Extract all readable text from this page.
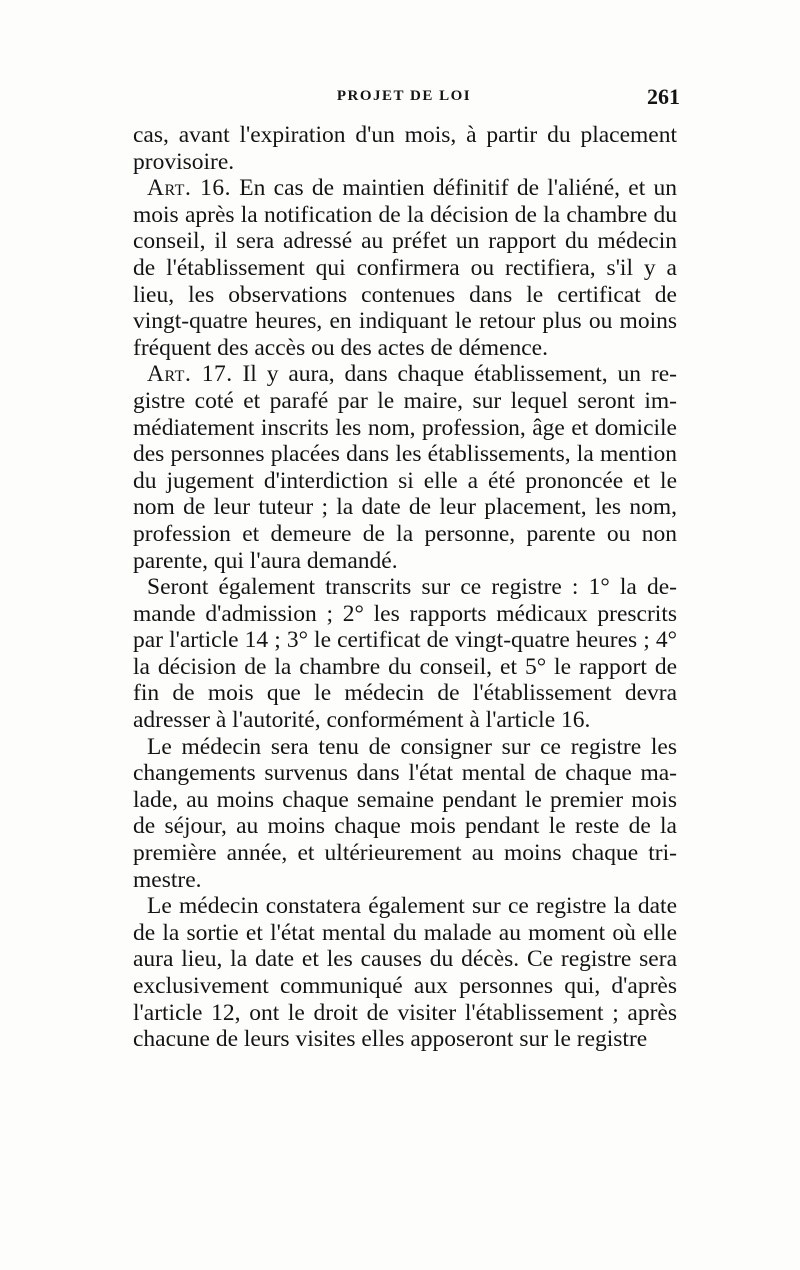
PROJET DE LOI	261

cas, avant l'expiration d'un mois, à partir du placement provisoire.

Art. 16. En cas de maintien définitif de l'aliéné, et un mois après la notification de la décision de la chambre du conseil, il sera adressé au préfet un rapport du médecin de l'établissement qui confirmera ou rectifiera, s'il y a lieu, les observations contenues dans le certificat de vingt-quatre heures, en indiquant le retour plus ou moins fréquent des accès ou des actes de démence.

Art. 17. Il y aura, dans chaque établissement, un registre coté et parafé par le maire, sur lequel seront immédiatement inscrits les nom, profession, âge et domicile des personnes placées dans les établissements, la mention du jugement d'interdiction si elle a été prononcée et le nom de leur tuteur ; la date de leur placement, les nom, profession et demeure de la personne, parente ou non parente, qui l'aura demandé.

Seront également transcrits sur ce registre : 1° la demande d'admission ; 2° les rapports médicaux prescrits par l'article 14 ; 3° le certificat de vingt-quatre heures ; 4° la décision de la chambre du conseil, et 5° le rapport de fin de mois que le médecin de l'établissement devra adresser à l'autorité, conformément à l'article 16.

Le médecin sera tenu de consigner sur ce registre les changements survenus dans l'état mental de chaque malade, au moins chaque semaine pendant le premier mois de séjour, au moins chaque mois pendant le reste de la première année, et ultérieurement au moins chaque trimestre.

Le médecin constatera également sur ce registre la date de la sortie et l'état mental du malade au moment où elle aura lieu, la date et les causes du décès. Ce registre sera exclusivement communiqué aux personnes qui, d'après l'article 12, ont le droit de visiter l'établissement ; après chacune de leurs visites elles apposeront sur le registre
